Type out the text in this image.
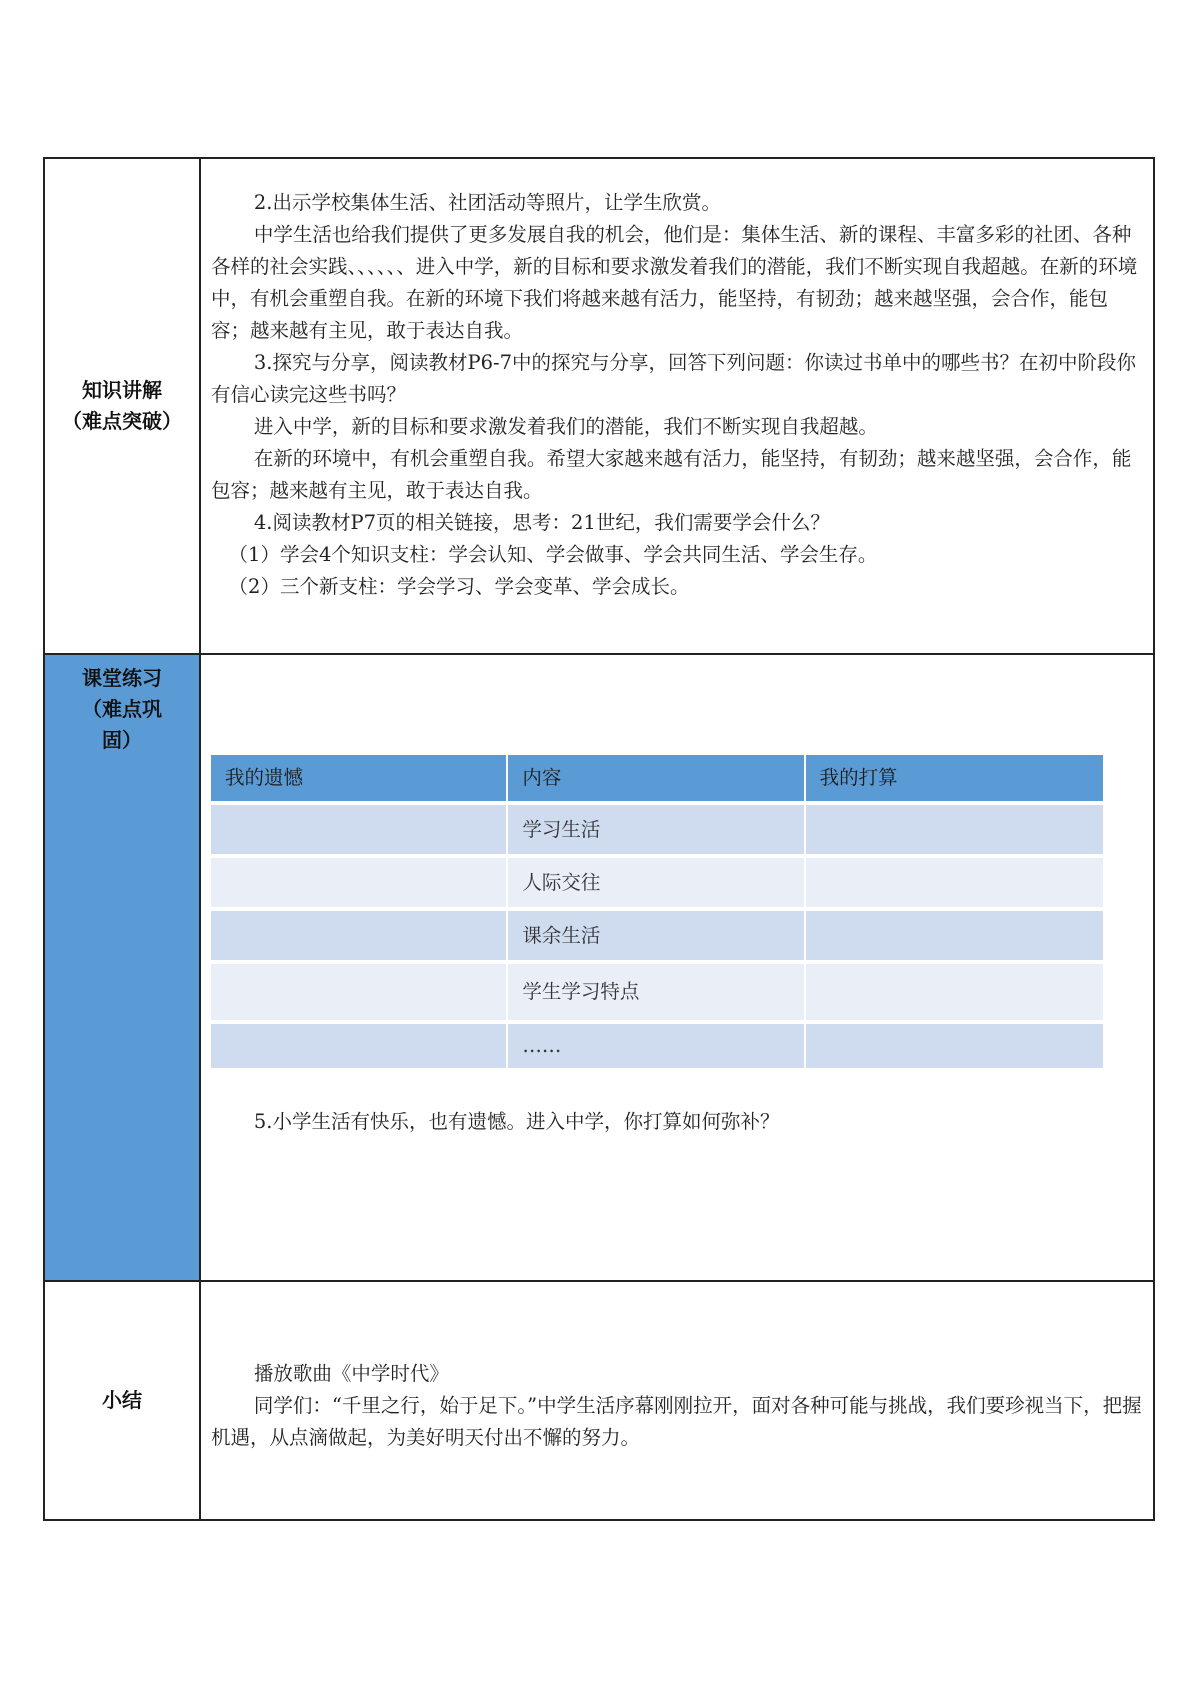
知识讲解
（难点突破）

2.出示学校集体生活、社团活动等照片，让学生欣赏。

中学生活也给我们提供了更多发展自我的机会，他们是：集体生活、新的课程、丰富多彩的社团、各种各样的社会实践、、、、、、进入中学，新的目标和要求激发着我们的潜能，我们不断实现自我超越。在新的环境中，有机会重塑自我。在新的环境下我们将越来越有活力，能坚持，有韧劲；越来越坚强，会合作，能包容；越来越有主见，敢于表达自我。

3.探究与分享，阅读教材P6-7中的探究与分享，回答下列问题：你读过书单中的哪些书？在初中阶段你有信心读完这些书吗？

进入中学，新的目标和要求激发着我们的潜能，我们不断实现自我超越。

在新的环境中，有机会重塑自我。希望大家越来越有活力，能坚持，有韧劲；越来越坚强，会合作，能包容；越来越有主见，敢于表达自我。

4.阅读教材P7页的相关链接，思考：21世纪，我们需要学会什么？

（1）学会4个知识支柱：学会认知、学会做事、学会共同生活、学会生存。

（2）三个新支柱：学会学习、学会变革、学会成长。

课堂练习
（难点巩
固）

我的遗憾	内容	我的打算
	学习生活	
	人际交往	
	课余生活	
	学生学习特点	
	……	

5.小学生活有快乐，也有遗憾。进入中学，你打算如何弥补？

小结

播放歌曲《中学时代》

同学们：“千里之行，始于足下。”中学生活序幕刚刚拉开，面对各种可能与挑战，我们要珍视当下，把握机遇，从点滴做起，为美好明天付出不懈的努力。
